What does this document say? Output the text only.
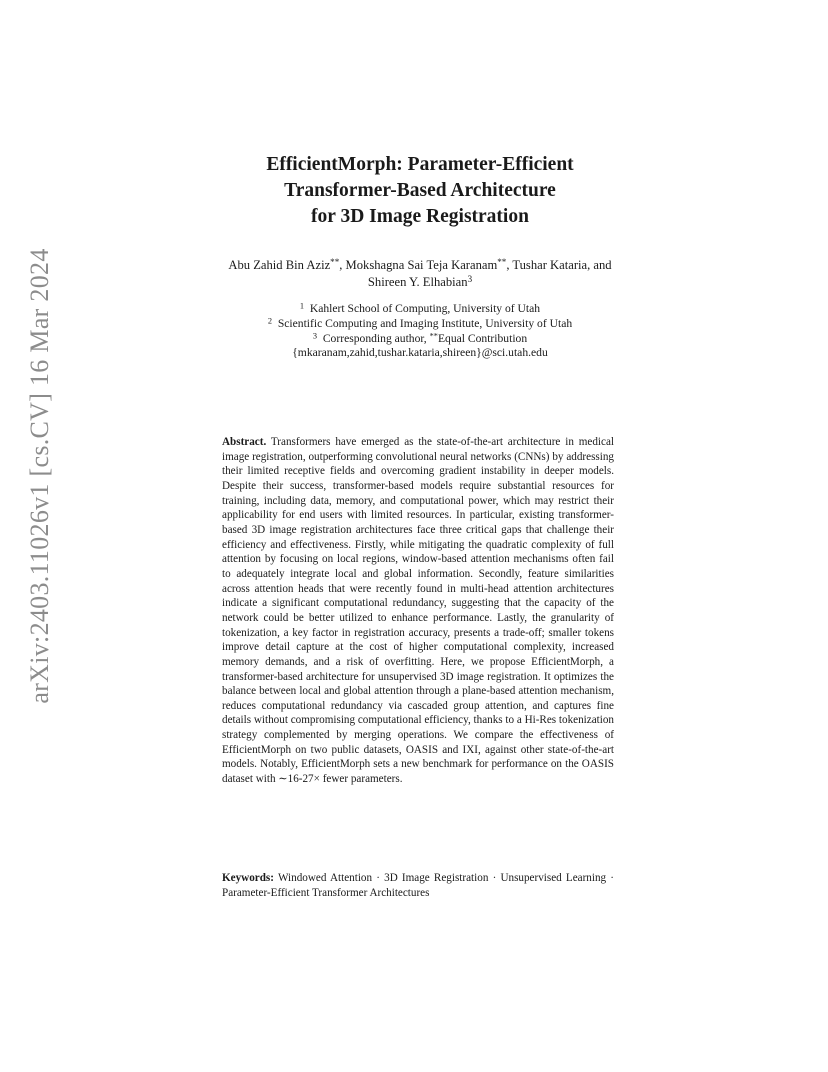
arXiv:2403.11026v1 [cs.CV] 16 Mar 2024
EfficientMorph: Parameter-Efficient
Transformer-Based Architecture
for 3D Image Registration
Abu Zahid Bin Aziz**, Mokshagna Sai Teja Karanam**, Tushar Kataria, and
Shireen Y. Elhabian$^3$
$^1$ Kahlert School of Computing, University of Utah
$^2$ Scientific Computing and Imaging Institute, University of Utah
$^3$ Corresponding author, **Equal Contribution
{mkaranam,zahid,tushar.kataria,shireen}@sci.utah.edu
Abstract. Transformers have emerged as the state-of-the-art architecture in medical image registration, outperforming convolutional neural networks (CNNs) by addressing their limited receptive fields and overcoming gradient instability in deeper models. Despite their success, transformer-based models require substantial resources for training, including data, memory, and computational power, which may restrict their applicability for end users with limited resources. In particular, existing transformer-based 3D image registration architectures face three critical gaps that challenge their efficiency and effectiveness. Firstly, while mitigating the quadratic complexity of full attention by focusing on local regions, window-based attention mechanisms often fail to adequately integrate local and global information. Secondly, feature similarities across attention heads that were recently found in multi-head attention architectures indicate a significant computational redundancy, suggesting that the capacity of the network could be better utilized to enhance performance. Lastly, the granularity of tokenization, a key factor in registration accuracy, presents a trade-off; smaller tokens improve detail capture at the cost of higher computational complexity, increased memory demands, and a risk of overfitting. Here, we propose EfficientMorph, a transformer-based architecture for unsupervised 3D image registration. It optimizes the balance between local and global attention through a plane-based attention mechanism, reduces computational redundancy via cascaded group attention, and captures fine details without compromising computational efficiency, thanks to a Hi-Res tokenization strategy complemented by merging operations. We compare the effectiveness of EfficientMorph on two public datasets, OASIS and IXI, against other state-of-the-art models. Notably, EfficientMorph sets a new benchmark for performance on the OASIS dataset with ∼16-27× fewer parameters.
Keywords: Windowed Attention · 3D Image Registration · Unsupervised Learning · Parameter-Efficient Transformer Architectures
